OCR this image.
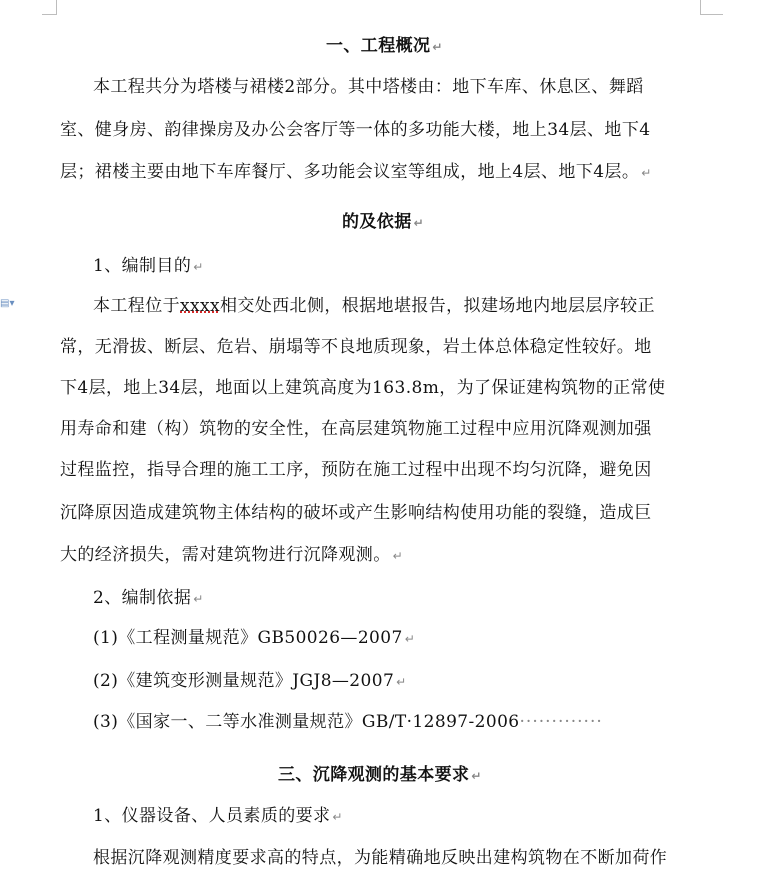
▤▾
一、工程概况 ↵
本工程共分为塔楼与裙楼2部分。其中塔楼由：地下车库、休息区、舞蹈
室、健身房、韵律操房及办公会客厅等一体的多功能大楼，地上34层、地下4
层；裙楼主要由地下车库餐厅、多功能会议室等组成，地上4层、地下4层。 ↵
的及依据 ↵
1、编制目的 ↵
本工程位于xxxx相交处西北侧，根据地堪报告，拟建场地内地层层序较正
常，无滑拔、断层、危岩、崩塌等不良地质现象，岩土体总体稳定性较好。地
下4层，地上34层，地面以上建筑高度为163.8m，为了保证建构筑物的正常使
用寿命和建（构）筑物的安全性，在高层建筑物施工过程中应用沉降观测加强
过程监控，指导合理的施工工序，预防在施工过程中出现不均匀沉降，避免因
沉降原因造成建筑物主体结构的破坏或产生影响结构使用功能的裂缝，造成巨
大的经济损失，需对建筑物进行沉降观测。 ↵
2、编制依据 ↵
(1)《工程测量规范》GB50026—2007 ↵
(2)《建筑变形测量规范》JGJ8—2007 ↵
(3)《国家一、二等水准测量规范》GB/T·12897-2006·············
三、沉降观测的基本要求 ↵
1、仪器设备、人员素质的要求 ↵
根据沉降观测精度要求高的特点，为能精确地反映出建构筑物在不断加荷作
